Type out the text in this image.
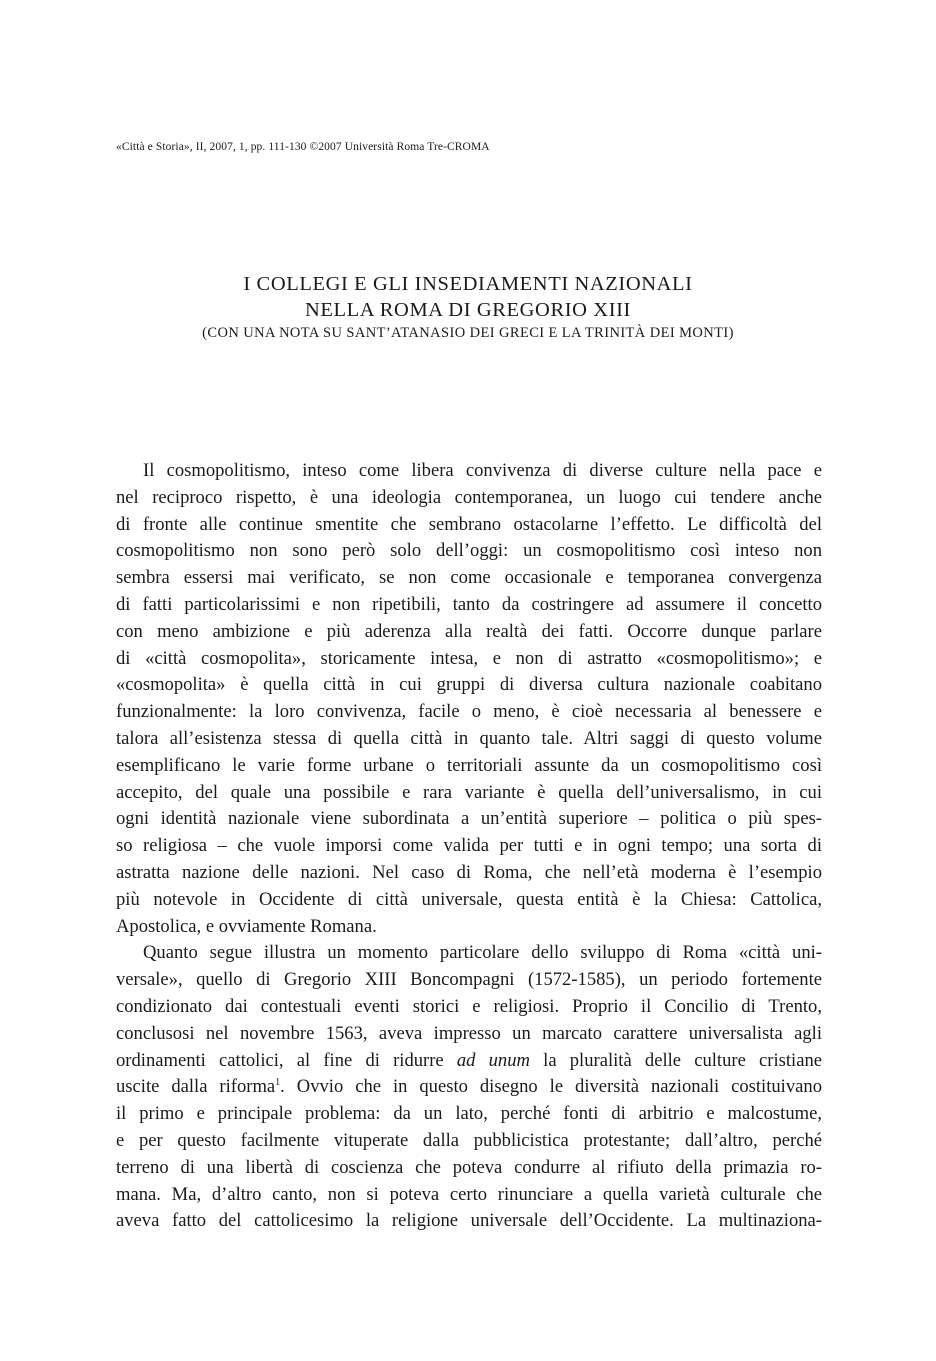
«Città e Storia», II, 2007, 1, pp. 111-130 ©2007 Università Roma Tre-CROMA
I COLLEGI E GLI INSEDIAMENTI NAZIONALI
NELLA ROMA DI GREGORIO XIII
(CON UNA NOTA SU SANT’ATANASIO DEI GRECI E LA TRINITÀ DEI MONTI)
Il cosmopolitismo, inteso come libera convivenza di diverse culture nella pace e
nel reciproco rispetto, è una ideologia contemporanea, un luogo cui tendere anche
di fronte alle continue smentite che sembrano ostacolarne l’effetto. Le difficoltà del
cosmopolitismo non sono però solo dell’oggi: un cosmopolitismo così inteso non
sembra essersi mai verificato, se non come occasionale e temporanea convergenza
di fatti particolarissimi e non ripetibili, tanto da costringere ad assumere il concetto
con meno ambizione e più aderenza alla realtà dei fatti. Occorre dunque parlare
di «città cosmopolita», storicamente intesa, e non di astratto «cosmopolitismo»; e
«cosmopolita» è quella città in cui gruppi di diversa cultura nazionale coabitano
funzionalmente: la loro convivenza, facile o meno, è cioè necessaria al benessere e
talora all’esistenza stessa di quella città in quanto tale. Altri saggi di questo volume
esemplificano le varie forme urbane o territoriali assunte da un cosmopolitismo così
accepito, del quale una possibile e rara variante è quella dell’universalismo, in cui
ogni identità nazionale viene subordinata a un’entità superiore – politica o più spes-
so religiosa – che vuole imporsi come valida per tutti e in ogni tempo; una sorta di
astratta nazione delle nazioni. Nel caso di Roma, che nell’età moderna è l’esempio
più notevole in Occidente di città universale, questa entità è la Chiesa: Cattolica,
Apostolica, e ovviamente Romana.
Quanto segue illustra un momento particolare dello sviluppo di Roma «città uni-
versale», quello di Gregorio XIII Boncompagni (1572-1585), un periodo fortemente
condizionato dai contestuali eventi storici e religiosi. Proprio il Concilio di Trento,
conclusosi nel novembre 1563, aveva impresso un marcato carattere universalista agli
ordinamenti cattolici, al fine di ridurre ad unum la pluralità delle culture cristiane
uscite dalla riforma$^1$. Ovvio che in questo disegno le diversità nazionali costituivano
il primo e principale problema: da un lato, perché fonti di arbitrio e malcostume,
e per questo facilmente vituperate dalla pubblicistica protestante; dall’altro, perché
terreno di una libertà di coscienza che poteva condurre al rifiuto della primazia ro-
mana. Ma, d’altro canto, non si poteva certo rinunciare a quella varietà culturale che
aveva fatto del cattolicesimo la religione universale dell’Occidente. La multinaziona-
